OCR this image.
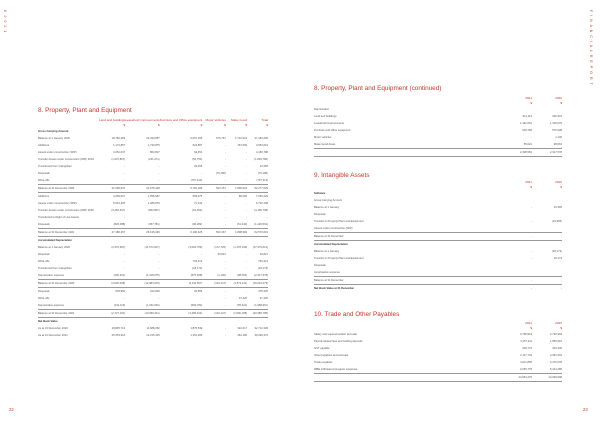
K 2 0 2 1	F I N A N C I A L R E P O R T
22	23
8. Property, Plant and Equipment
	Land and buildings	Leasehold improvements	Furniture and Office equipment	Motor Vehicles	Make Good	Total
	$	$	$	$	$	$
Gross Carrying Amount						
Balance at 1 January 2020	18,782,283	22,333,857	6,097,255	575,767	1,742,624	47,183,290
Additions	1,172,857	1,730,875	622,887	-	157,000	3,653,619
Assets under construction (WIP)	3,252,637	863,807	64,354	-	-	4,180,798
Transfer Assets under construction (WIP) 2019	(1,607,807)	(231,271)	(56,752)	-	-	(1,893,780)
Transferred from Intangibles	-	-	23,365	-	-	23,365
Disposals	-	-	-	(76,180)	-	(76,180)
Write-offs	-	-	(767,313)	-	-	(767,313)
Balance at 31 December 2020	21,599,970	24,675,328	5,704,186	503,167	1,899,624	52,277,629
Additions	4,069,527	1,555,987	669,075	-	80,000	7,039,429
Assets under construction (WIP)	5,644,305	1,285,879	71,142	-	-	6,720,198
Transfer Assets under construction (WIP) 2020	(3,252,637)	(863,807)	(64,354)	-	-	(4,180,798)
Transferred to Right of Use Assets	-	-	-	-	-	-
Disposals	(826,088)	(357,781)	(90,282)	-	(61,440)	(1,426,591)
Balance at 31 December 2021	27,180,367	26,195,296	6,106,425	503,167	1,898,984	62,570,619
Accumulated Depreciation						
Balance at 1 January 2020	(2,470,697)	(11,673,007)	(3,094,759)	(172,725)	(1,478,199)	(17,979,012)
Disposals	-	-	-	30,821	-	30,821
Write-offs	-	-	763,313	-	-	763,313
Transferred from Intangibles	-	-	(18,173)	-	-	(18,173)
Depreciation expense	(200,331)	(1,318,675)	(575,938)	(1,100)	(98,063)	(2,317,578)
Balance at 31 December 2020	(3,020,028)	(12,983,215)	(3,011,557)	(123,147)	(1,572,411)	(19,616,279)
Disposals	503,950	312,829	31,586	-	-	375,325
Write-offs	-	-	-	-	37,420	37,420
Depreciation expense	(311,113)	(1,332,061)	(609,782)	-	(55,621)	(1,958,961)
Balance at 31 December 2021	(2,727,191)	(13,969,311)	(3,495,914)	(123,147)	(1,590,188)	(20,989,785)
Net Book Value						
As at 31 December 2020	18,835,713	11,688,252	1,876,549	-	310,017	32,712,330
As at 31 December 2021	25,253,916	12,215,445	1,351,486	-	281,180	39,099,370
8. Property, Plant and Equipment (continued)
	2021	2020
	$	$
Depreciation		
Land and buildings	311,113	200,331
Leasehold improvements	1,332,061	1,318,675
Furniture and office equipment	609,782	576,938
Motor vehicles	-	1,100
Make Good Asset	55,621	98,063
	2,308,581	2,317,578
9. Intangible Assets
	2021	2020
	$	$
Software		
Gross Carrying Amount		
Balance at 1 January	-	23,365
Disposals		
Transfer to Property Plant and Equipment	-	(23,365)
Assets under construction (WIP)		
Balance at 31 December	-	-

Accumulated Depreciation		
Balance at 1 January	-	(18,173)
Transfer to Property Plant and Equipment	-	18,173
Disposals		
Amortisation expense		
Balance at 31 December	-	-
Net Book Value at 31 December	-	-
10. Trade and Other Payables
	2021	2020
	$	$
Salary and superannuation accruals	3,768,913	2,790,965
Payroll-related fees and holding deposits	3,157,211	1,856,916
GST payable	329,773	315,430
Other payables and accruals	2,117,744	2,051,504
Trade payables	3,011,856	2,470,578
WBE & Brokered program suspense	3,259,778	5,444,285
	14,654,275	14,929,908
